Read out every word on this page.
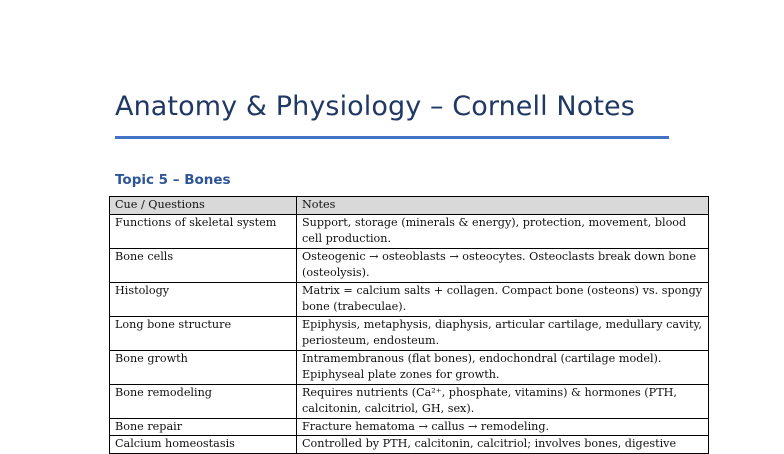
Anatomy & Physiology – Cornell Notes
Topic 5 – Bones
Cue / Questions	Notes
Functions of skeletal system	Support, storage (minerals & energy), protection, movement, blood cell production.
Bone cells	Osteogenic → osteoblasts → osteocytes. Osteoclasts break down bone (osteolysis).
Histology	Matrix = calcium salts + collagen. Compact bone (osteons) vs. spongy bone (trabeculae).
Long bone structure	Epiphysis, metaphysis, diaphysis, articular cartilage, medullary cavity, periosteum, endosteum.
Bone growth	Intramembranous (flat bones), endochondral (cartilage model). Epiphyseal plate zones for growth.
Bone remodeling	Requires nutrients (Ca²⁺, phosphate, vitamins) & hormones (PTH, calcitonin, calcitriol, GH, sex).
Bone repair	Fracture hematoma → callus → remodeling.
Calcium homeostasis	Controlled by PTH, calcitonin, calcitriol; involves bones, digestive
